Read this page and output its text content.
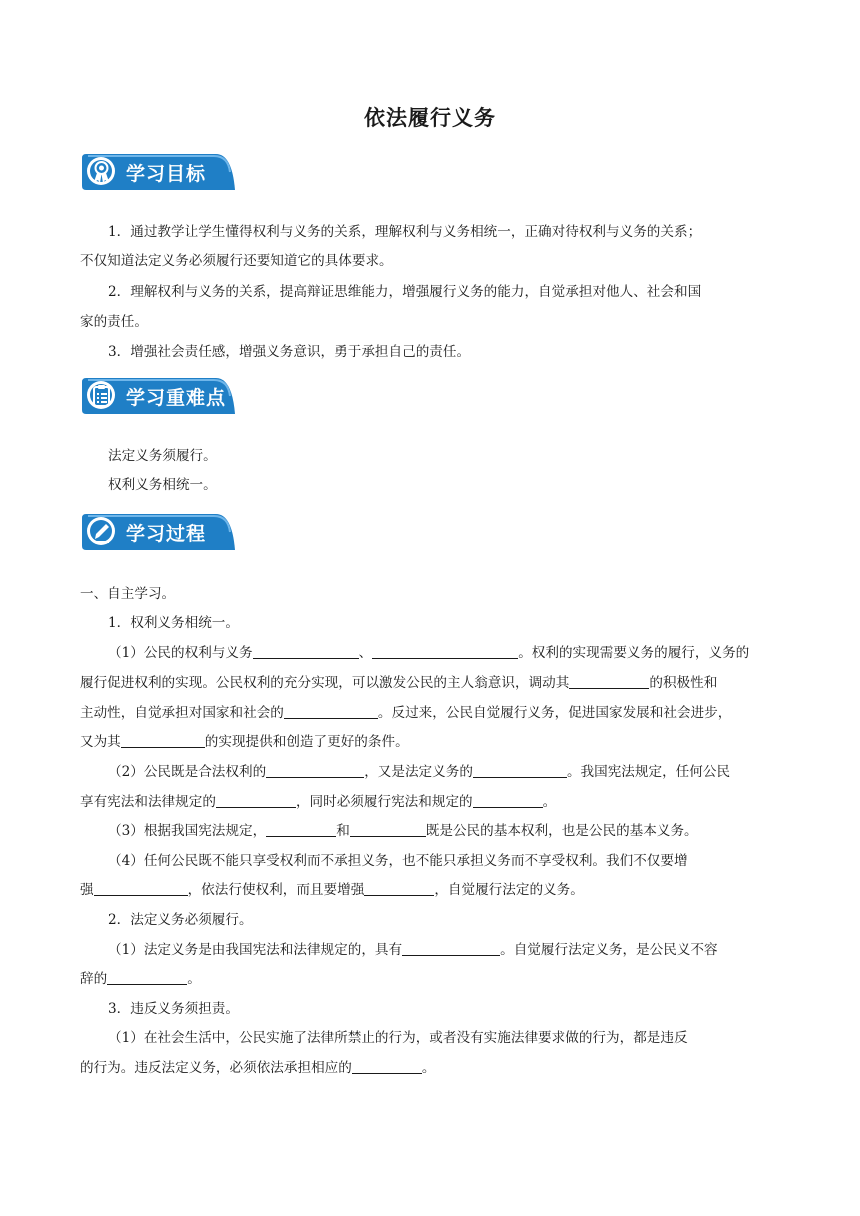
依法履行义务
学习目标
1．通过教学让学生懂得权利与义务的关系，理解权利与义务相统一，正确对待权利与义务的关系；
不仅知道法定义务必须履行还要知道它的具体要求。
2．理解权利与义务的关系，提高辩证思维能力，增强履行义务的能力，自觉承担对他人、社会和国
家的责任。
3．增强社会责任感，增强义务意识，勇于承担自己的责任。
学习重难点
法定义务须履行。
权利义务相统一。
学习过程
一、自主学习。
1．权利义务相统一。
（1）公民的权利与义务	、	。权利的实现需要义务的履行，义务的
履行促进权利的实现。公民权利的充分实现，可以激发公民的主人翁意识，调动其	的积极性和
主动性，自觉承担对国家和社会的	。反过来，公民自觉履行义务，促进国家发展和社会进步，
又为其	的实现提供和创造了更好的条件。
（2）公民既是合法权利的	，又是法定义务的	。我国宪法规定，任何公民
享有宪法和法律规定的	，同时必须履行宪法和规定的	。
（3）根据我国宪法规定，	和	既是公民的基本权利，也是公民的基本义务。
（4）任何公民既不能只享受权利而不承担义务，也不能只承担义务而不享受权利。我们不仅要增
强	，依法行使权利，而且要增强	，自觉履行法定的义务。
2．法定义务必须履行。
（1）法定义务是由我国宪法和法律规定的，具有	。自觉履行法定义务，是公民义不容
辞的	。
3．违反义务须担责。
（1）在社会生活中，公民实施了法律所禁止的行为，或者没有实施法律要求做的行为，都是违反
的行为。违反法定义务，必须依法承担相应的	。
